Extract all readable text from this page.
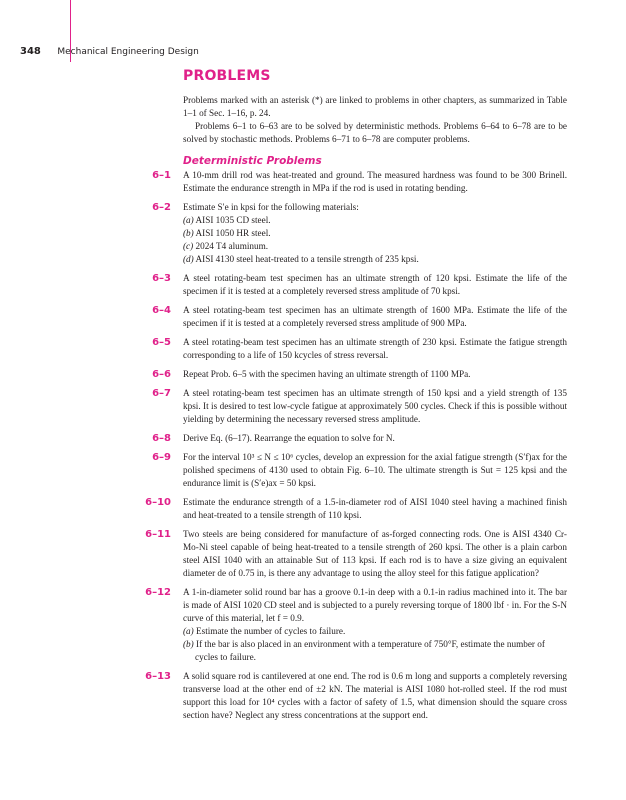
348 Mechanical Engineering Design
PROBLEMS

Problems marked with an asterisk (*) are linked to problems in other chapters, as summarized in Table 1–1 of Sec. 1–16, p. 24.

Problems 6–1 to 6–63 are to be solved by deterministic methods. Problems 6–64 to 6–78 are to be solved by stochastic methods. Problems 6–71 to 6–78 are computer problems.

Deterministic Problems
6–1 A 10-mm drill rod was heat-treated and ground. The measured hardness was found to be 300 Brinell. Estimate the endurance strength in MPa if the rod is used in rotating bending.
6–2 Estimate S′e in kpsi for the following materials:
(a) AISI 1035 CD steel.
(b) AISI 1050 HR steel.
(c) 2024 T4 aluminum.
(d) AISI 4130 steel heat-treated to a tensile strength of 235 kpsi.
6–3 A steel rotating-beam test specimen has an ultimate strength of 120 kpsi. Estimate the life of the specimen if it is tested at a completely reversed stress amplitude of 70 kpsi.
6–4 A steel rotating-beam test specimen has an ultimate strength of 1600 MPa. Estimate the life of the specimen if it is tested at a completely reversed stress amplitude of 900 MPa.
6–5 A steel rotating-beam test specimen has an ultimate strength of 230 kpsi. Estimate the fatigue strength corresponding to a life of 150 kcycles of stress reversal.
6–6 Repeat Prob. 6–5 with the specimen having an ultimate strength of 1100 MPa.
6–7 A steel rotating-beam test specimen has an ultimate strength of 150 kpsi and a yield strength of 135 kpsi. It is desired to test low-cycle fatigue at approximately 500 cycles. Check if this is possible without yielding by determining the necessary reversed stress amplitude.
6–8 Derive Eq. (6–17). Rearrange the equation to solve for N.
6–9 For the interval 10³ ≤ N ≤ 10⁶ cycles, develop an expression for the axial fatigue strength (S′f)ax for the polished specimens of 4130 used to obtain Fig. 6–10. The ultimate strength is Sut = 125 kpsi and the endurance limit is (S′e)ax = 50 kpsi.
6–10 Estimate the endurance strength of a 1.5-in-diameter rod of AISI 1040 steel having a machined finish and heat-treated to a tensile strength of 110 kpsi.
6–11 Two steels are being considered for manufacture of as-forged connecting rods. One is AISI 4340 Cr-Mo-Ni steel capable of being heat-treated to a tensile strength of 260 kpsi. The other is a plain carbon steel AISI 1040 with an attainable Sut of 113 kpsi. If each rod is to have a size giving an equivalent diameter de of 0.75 in, is there any advantage to using the alloy steel for this fatigue application?
6–12 A 1-in-diameter solid round bar has a groove 0.1-in deep with a 0.1-in radius machined into it. The bar is made of AISI 1020 CD steel and is subjected to a purely reversing torque of 1800 lbf · in. For the S-N curve of this material, let f = 0.9.
(a) Estimate the number of cycles to failure.
(b) If the bar is also placed in an environment with a temperature of 750°F, estimate the number of cycles to failure.
6–13 A solid square rod is cantilevered at one end. The rod is 0.6 m long and supports a completely reversing transverse load at the other end of ±2 kN. The material is AISI 1080 hot-rolled steel. If the rod must support this load for 10⁴ cycles with a factor of safety of 1.5, what dimension should the square cross section have? Neglect any stress concentrations at the support end.
